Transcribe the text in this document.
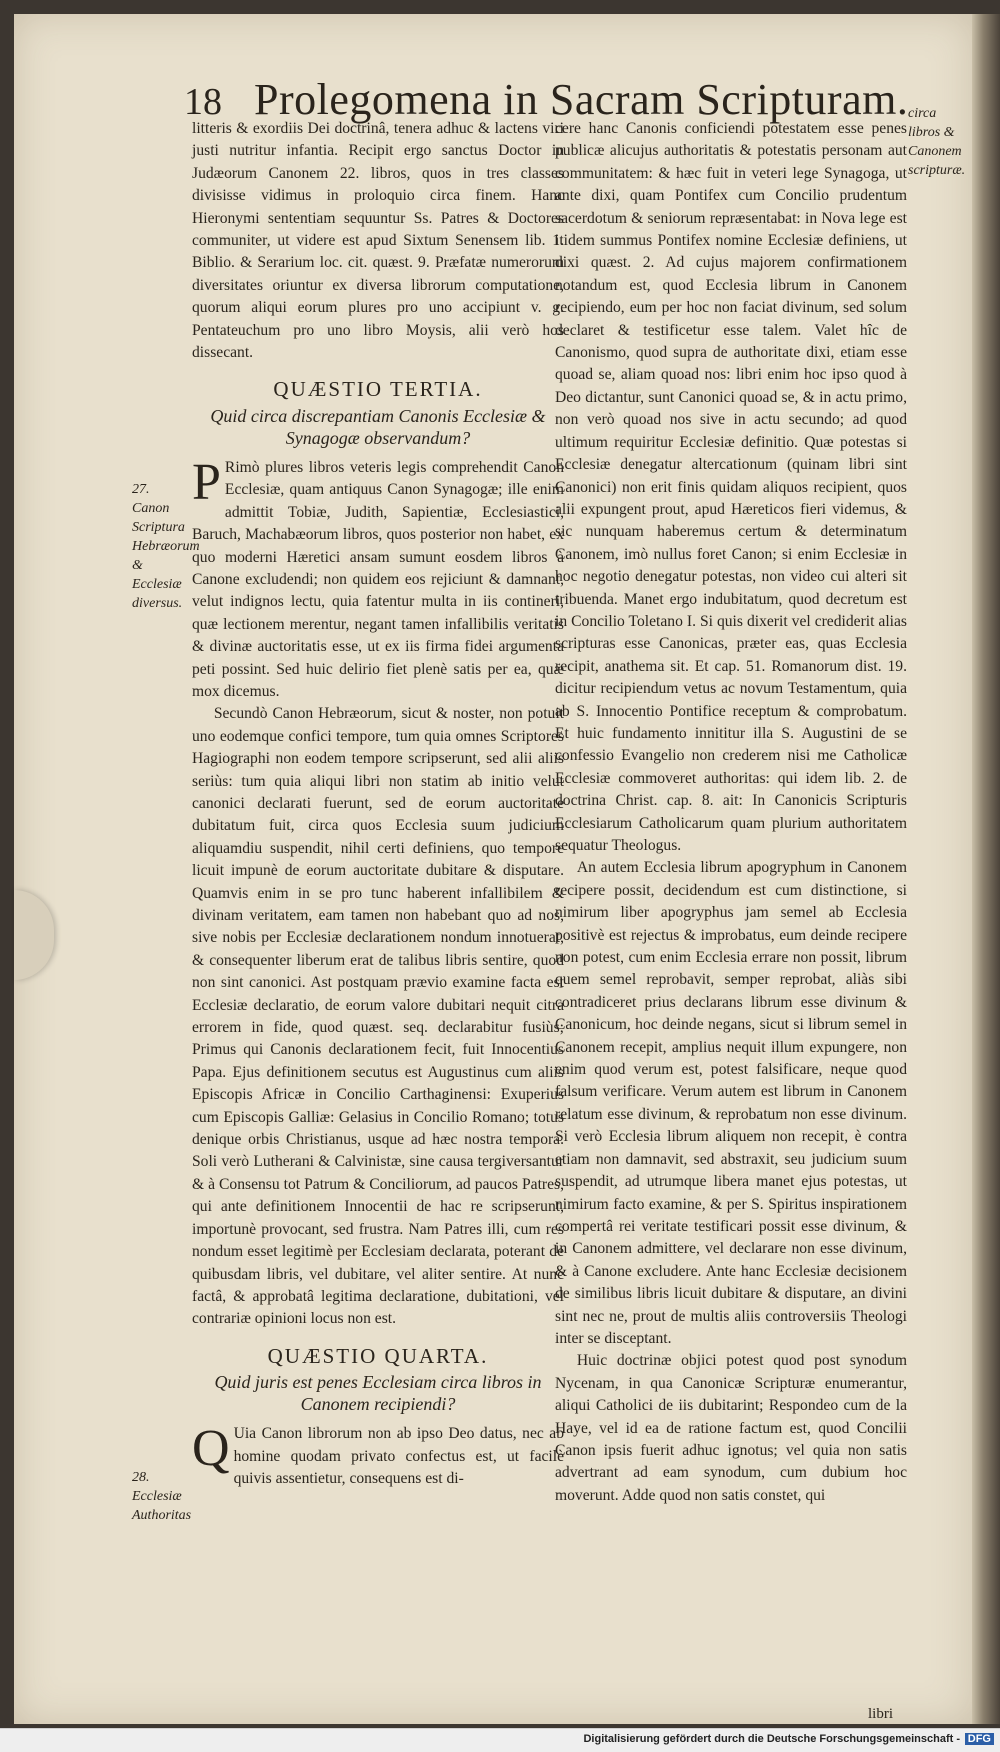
18 Prolegomena in Sacram Scripturam. circa libros & Canonem scripturæ.
27. Canon Scriptura Hebræorum & Ecclesiæ diversus.
28. Ecclesiæ Authoritas

litteris & exordiis Dei doctrinâ, tenera adhuc & lactens viri justi nutritur infantia. Recipit ergo sanctus Doctor in Judæorum Canonem 22. libros, quos in tres classes divisisse vidimus in proloquio circa finem. Hanc Hieronymi sententiam sequuntur Ss. Patres & Doctores communiter, ut videre est apud Sixtum Senensem lib. 1. Biblio. & Serarium loc. cit. quæst. 9. Præfatæ numerorum diversitates oriuntur ex diversa librorum computatione, quorum aliqui eorum plures pro uno accipiunt v. g. Pentateuchum pro uno libro Moysis, alii verò hos dissecant.

QUÆSTIO TERTIA.
Quid circa discrepantiam Canonis Ecclesiæ & Synagogæ observandum?

P Rimò plures libros veteris legis comprehendit Canon Ecclesiæ, quam antiquus Canon Synagogæ; ille enim admittit Tobiæ, Judith, Sapientiæ, Ecclesiastici, Baruch, Machabæorum libros, quos posterior non habet, ex quo moderni Hæretici ansam sumunt eosdem libros à Canone excludendi; non quidem eos rejiciunt & damnant, velut indignos lectu, quia fatentur multa in iis contineri, quæ lectionem merentur, negant tamen infallibilis veritatis & divinæ auctoritatis esse, ut ex iis firma fidei argumenta peti possint. Sed huic delirio fiet plenè satis per ea, quæ mox dicemus.

Secundò Canon Hebræorum, sicut & noster, non potuit uno eodemque confici tempore, tum quia omnes Scriptores Hagiographi non eodem tempore scripserunt, sed alii aliis seriùs: tum quia aliqui libri non statim ab initio velut canonici declarati fuerunt, sed de eorum auctoritate dubitatum fuit, circa quos Ecclesia suum judicium aliquamdiu suspendit, nihil certi definiens, quo tempore licuit impunè de eorum auctoritate dubitare & disputare. Quamvis enim in se pro tunc haberent infallibilem & divinam veritatem, eam tamen non habebant quo ad nos, sive nobis per Ecclesiæ declarationem nondum innotuerat, & consequenter liberum erat de talibus libris sentire, quod non sint canonici. Ast postquam prævio examine facta est Ecclesiæ declaratio, de eorum valore dubitari nequit citra errorem in fide, quod quæst. seq. declarabitur fusiùs; Primus qui Canonis declarationem fecit, fuit Innocentius Papa. Ejus definitionem secutus est Augustinus cum aliis Episcopis Africæ in Concilio Carthaginensi: Exuperius cum Episcopis Galliæ: Gelasius in Concilio Romano; totus denique orbis Christianus, usque ad hæc nostra tempora. Soli verò Lutherani & Calvinistæ, sine causa tergiversantur & à Consensu tot Patrum & Conciliorum, ad paucos Patres, qui ante definitionem Innocentii de hac re scripserunt, importunè provocant, sed frustra. Nam Patres illi, cum res nondum esset legitimè per Ecclesiam declarata, poterant de quibusdam libris, vel dubitare, vel aliter sentire. At nunc factâ, & approbatâ legitima declaratione, dubitationi, vel contrariæ opinioni locus non est.

QUÆSTIO QUARTA.
Quid juris est penes Ecclesiam circa libros in Canonem recipiendi?

Q Uia Canon librorum non ab ipso Deo datus, nec ab homine quodam privato confectus est, ut facilè quivis assentietur, consequens est di-

cere hanc Canonis conficiendi potestatem esse penes publicæ alicujus authoritatis & potestatis personam aut communitatem: & hæc fuit in veteri lege Synagoga, ut ante dixi, quam Pontifex cum Concilio prudentum sacerdotum & seniorum repræsentabat: in Nova lege est itidem summus Pontifex nomine Ecclesiæ definiens, ut dixi quæst. 2. Ad cujus majorem confirmationem notandum est, quod Ecclesia librum in Canonem recipiendo, eum per hoc non faciat divinum, sed solum declaret & testificetur esse talem. Valet hîc de Canonismo, quod supra de authoritate dixi, etiam esse quoad se, aliam quoad nos: libri enim hoc ipso quod à Deo dictantur, sunt Canonici quoad se, & in actu primo, non verò quoad nos sive in actu secundo; ad quod ultimum requiritur Ecclesiæ definitio. Quæ potestas si Ecclesiæ denegatur altercationum (quinam libri sint Canonici) non erit finis quidam aliquos recipient, quos alii expungent prout, apud Hæreticos fieri videmus, & sic nunquam haberemus certum & determinatum Canonem, imò nullus foret Canon; si enim Ecclesiæ in hoc negotio denegatur potestas, non video cui alteri sit tribuenda. Manet ergo indubitatum, quod decretum est in Concilio Toletano I. Si quis dixerit vel crediderit alias scripturas esse Canonicas, præter eas, quas Ecclesia recipit, anathema sit. Et cap. 51. Romanorum dist. 19. dicitur recipiendum vetus ac novum Testamentum, quia ab S. Innocentio Pontifice receptum & comprobatum. Et huic fundamento innititur illa S. Augustini de se confessio Evangelio non crederem nisi me Catholicæ Ecclesiæ commoveret authoritas: qui idem lib. 2. de doctrina Christ. cap. 8. ait: In Canonicis Scripturis Ecclesiarum Catholicarum quam plurium authoritatem sequatur Theologus.

An autem Ecclesia librum apogryphum in Canonem recipere possit, decidendum est cum distinctione, si nimirum liber apogryphus jam semel ab Ecclesia positivè est rejectus & improbatus, eum deinde recipere non potest, cum enim Ecclesia errare non possit, librum quem semel reprobavit, semper reprobat, aliàs sibi contradiceret prius declarans librum esse divinum & Canonicum, hoc deinde negans, sicut si librum semel in Canonem recepit, amplius nequit illum expungere, non enim quod verum est, potest falsificare, neque quod falsum verificare. Verum autem est librum in Canonem relatum esse divinum, & reprobatum non esse divinum. Si verò Ecclesia librum aliquem non recepit, è contra etiam non damnavit, sed abstraxit, seu judicium suum suspendit, ad utrumque libera manet ejus potestas, ut nimirum facto examine, & per S. Spiritus inspirationem compertâ rei veritate testificari possit esse divinum, & in Canonem admittere, vel declarare non esse divinum, & à Canone excludere. Ante hanc Ecclesiæ decisionem de similibus libris licuit dubitare & disputare, an divini sint nec ne, prout de multis aliis controversiis Theologi inter se disceptant.

Huic doctrinæ objici potest quod post synodum Nycenam, in qua Canonicæ Scripturæ enumerantur, aliqui Catholici de iis dubitarint; Respondeo cum de la Haye, vel id ea de ratione factum est, quod Concilii Canon ipsis fuerit adhuc ignotus; vel quia non satis advertrant ad eam synodum, cum dubium hoc moverunt. Adde quod non satis constet, qui

libri
Digitalisierung gefördert durch die Deutsche Forschungsgemeinschaft - DFG
